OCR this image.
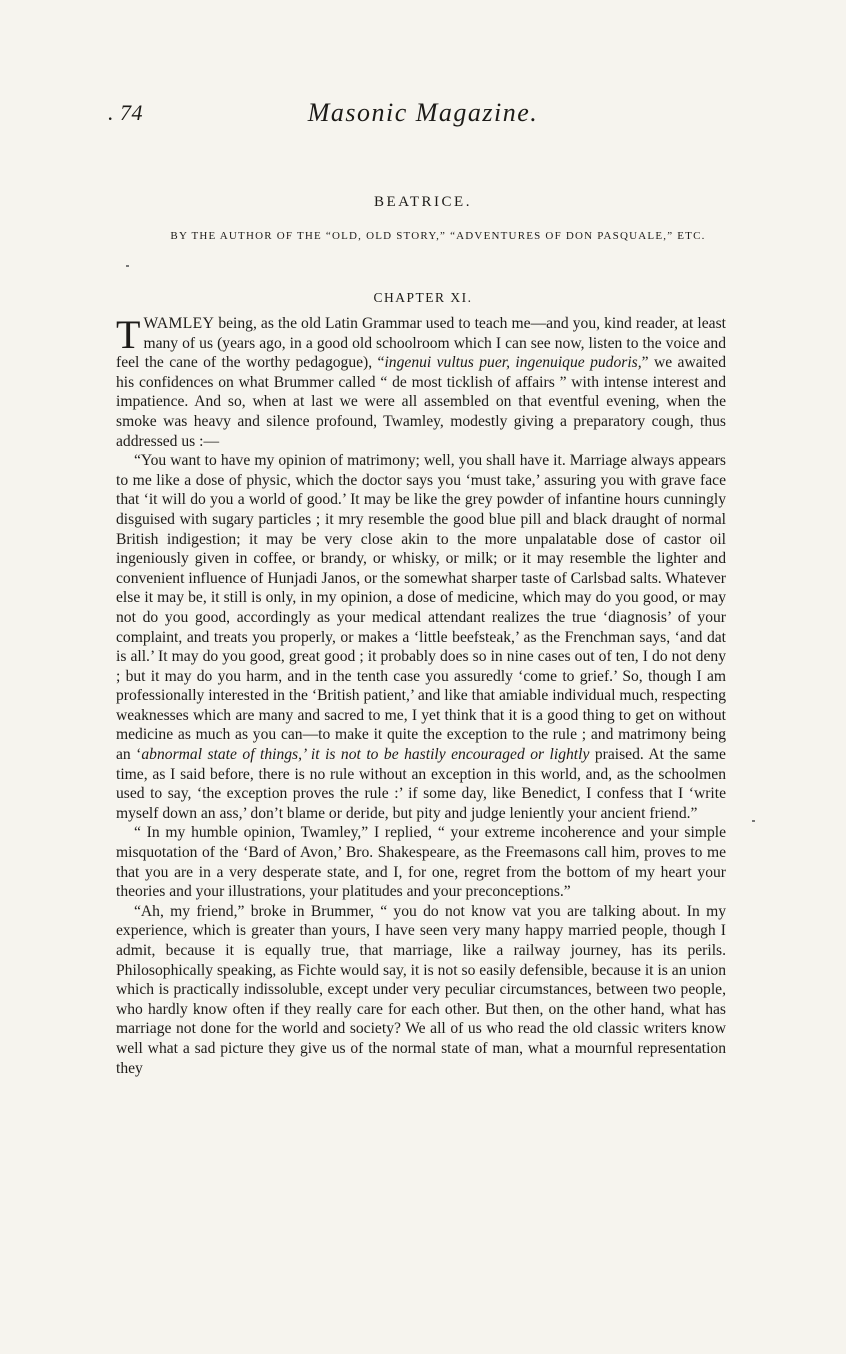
. 74	Masonic Magazine.
BEATRICE.
BY THE AUTHOR OF THE “OLD, OLD STORY,” “ADVENTURES OF DON PASQUALE,” ETC.
CHAPTER XI.

TWAMLEY being, as the old Latin Grammar used to teach me—and you, kind reader, at least many of us (years ago, in a good old schoolroom which I can see now, listen to the voice and feel the cane of the worthy pedagogue), “ingenui vultus puer, ingenuique pudoris,” we awaited his confidences on what Brummer called “ de most ticklish of affairs ” with intense interest and impatience. And so, when at last we were all assembled on that eventful evening, when the smoke was heavy and silence profound, Twamley, modestly giving a preparatory cough, thus addressed us :—

“You want to have my opinion of matrimony; well, you shall have it. Marriage always appears to me like a dose of physic, which the doctor says you ‘must take,’ assuring you with grave face that ‘it will do you a world of good.’ It may be like the grey powder of infantine hours cunningly disguised with sugary particles ; it mry resemble the good blue pill and black draught of normal British indigestion; it may be very close akin to the more unpalatable dose of castor oil ingeniously given in coffee, or brandy, or whisky, or milk; or it may resemble the lighter and convenient influence of Hunjadi Janos, or the somewhat sharper taste of Carlsbad salts. Whatever else it may be, it still is only, in my opinion, a dose of medicine, which may do you good, or may not do you good, accordingly as your medical attendant realizes the true ‘diagnosis’ of your complaint, and treats you properly, or makes a ‘little beefsteak,’ as the Frenchman says, ‘and dat is all.’ It may do you good, great good ; it probably does so in nine cases out of ten, I do not deny ; but it may do you harm, and in the tenth case you assuredly ‘come to grief.’ So, though I am professionally interested in the ‘British patient,’ and like that amiable individual much, respecting weaknesses which are many and sacred to me, I yet think that it is a good thing to get on without medicine as much as you can—to make it quite the exception to the rule ; and matrimony being an ‘abnormal state of things,’ it is not to be hastily encouraged or lightly praised. At the same time, as I said before, there is no rule without an exception in this world, and, as the schoolmen used to say, ‘the exception proves the rule :’ if some day, like Benedict, I confess that I ‘write myself down an ass,’ don’t blame or deride, but pity and judge leniently your ancient friend.”

“ In my humble opinion, Twamley,” I replied, “ your extreme incoherence and your simple misquotation of the ‘Bard of Avon,’ Bro. Shakespeare, as the Freemasons call him, proves to me that you are in a very desperate state, and I, for one, regret from the bottom of my heart your theories and your illustrations, your platitudes and your preconceptions.”

“Ah, my friend,” broke in Brummer, “ you do not know vat you are talking about. In my experience, which is greater than yours, I have seen very many happy married people, though I admit, because it is equally true, that marriage, like a railway journey, has its perils. Philosophically speaking, as Fichte would say, it is not so easily defensible, because it is an union which is practically indissoluble, except under very peculiar circumstances, between two people, who hardly know often if they really care for each other. But then, on the other hand, what has marriage not done for the world and society? We all of us who read the old classic writers know well what a sad picture they give us of the normal state of man, what a mournful representation they
